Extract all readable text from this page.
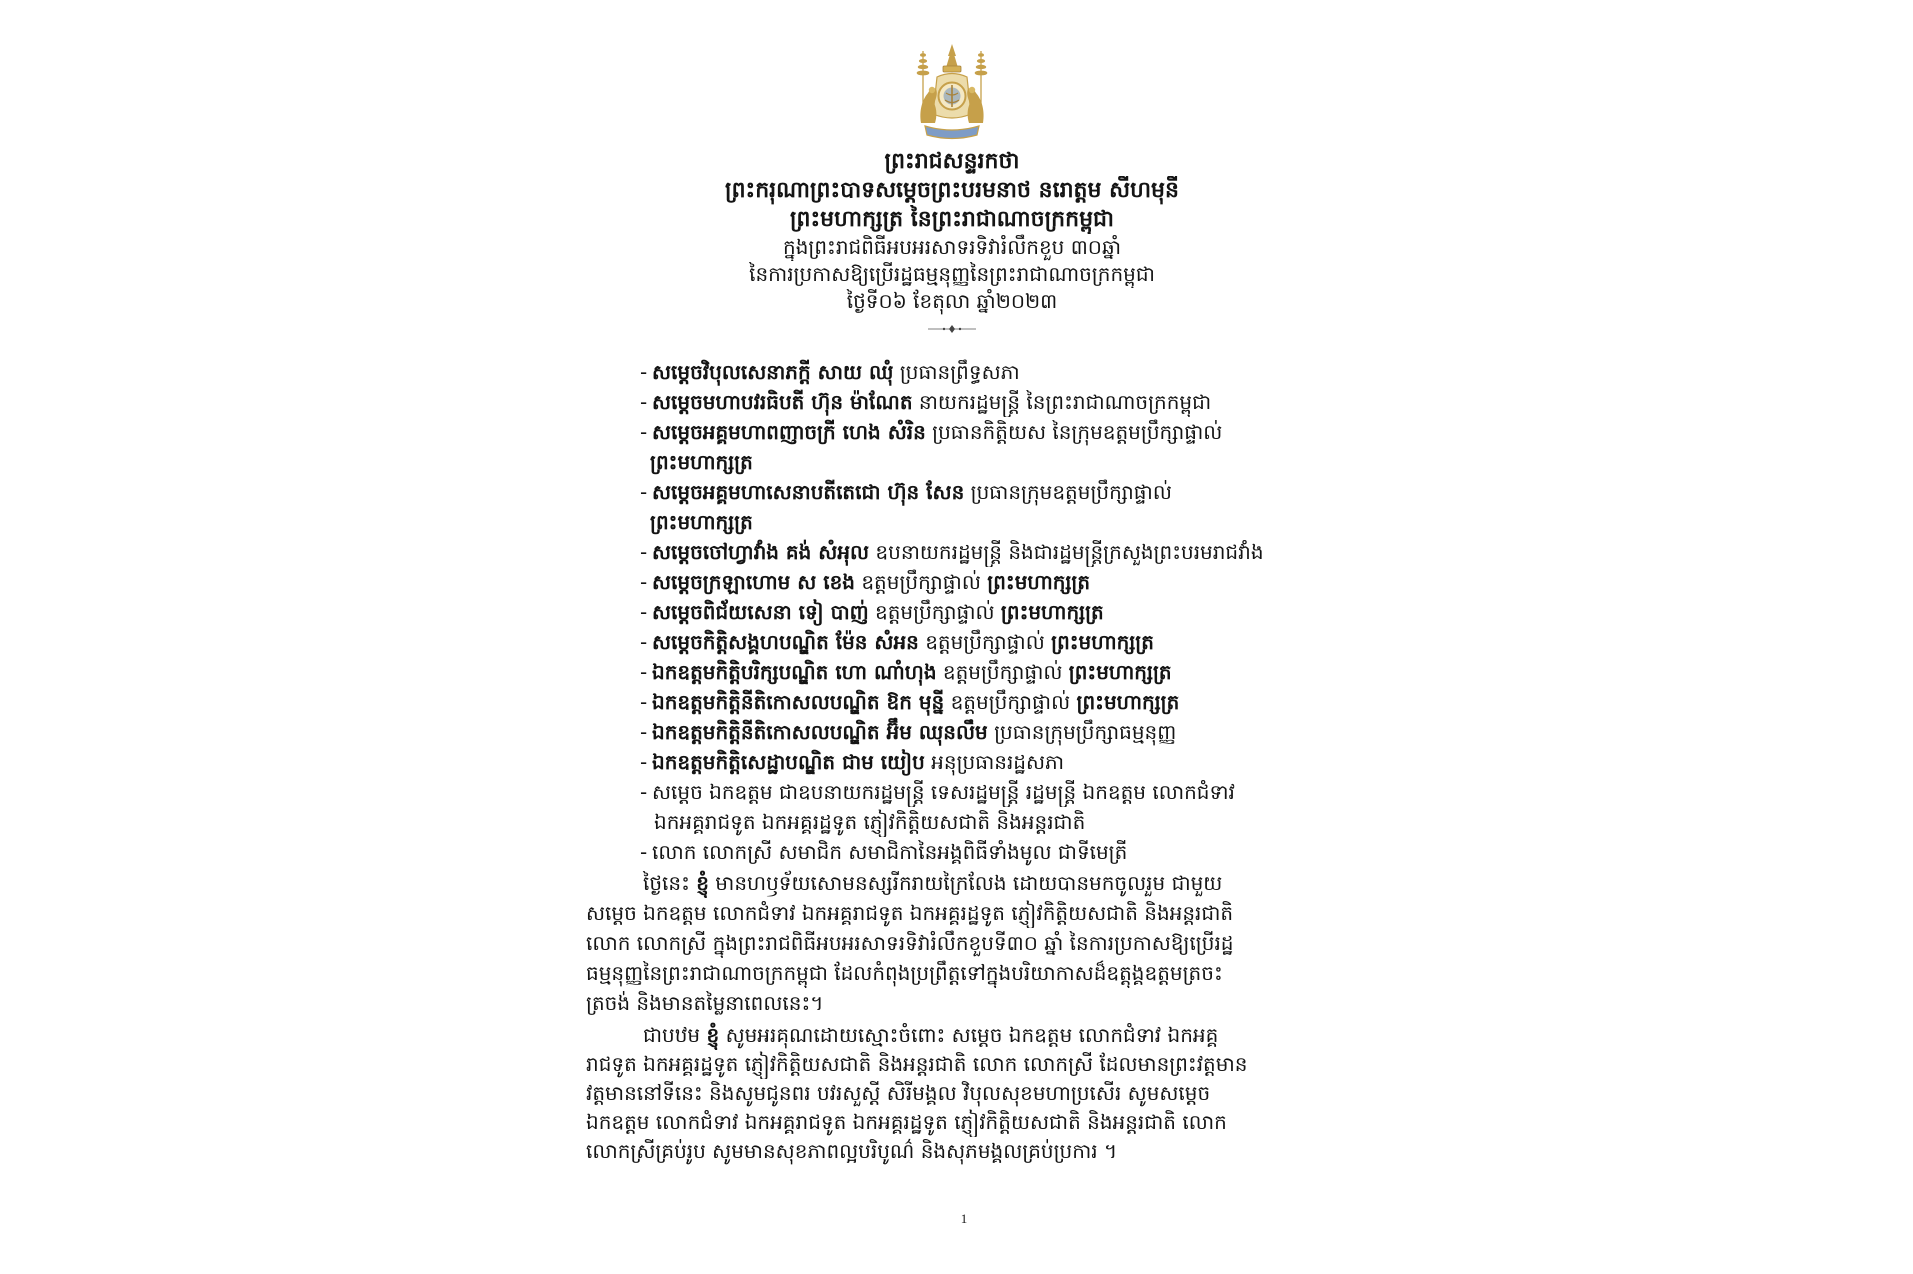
ព្រះរាជសន្ទរកថា
ព្រះករុណាព្រះបាទសម្តេចព្រះបរមនាថ នរោត្តម សីហមុនី
ព្រះមហាក្សត្រ នៃព្រះរាជាណាចក្រកម្ពុជា
ក្នុងព្រះរាជពិធីអបអរសាទរទិវារំលឹកខួប ៣០ឆ្នាំ
នៃការប្រកាសឱ្យប្រើរដ្ឋធម្មនុញ្ញនៃព្រះរាជាណាចក្រកម្ពុជា
ថ្ងៃទី០៦ ខែតុលា ឆ្នាំ២០២៣
- សម្តេចវិបុលសេនាភក្ដី សាយ ឈុំ ប្រធានព្រឹទ្ធសភា
- សម្តេចមហាបវរធិបតី ហ៊ុន ម៉ាណែត នាយករដ្ឋមន្ត្រី នៃព្រះរាជាណាចក្រកម្ពុជា
- សម្តេចអគ្គមហាពញាចក្រី ហេង សំរិន ប្រធានកិត្តិយស នៃក្រុមឧត្តមប្រឹក្សាផ្ទាល់
ព្រះមហាក្សត្រ
- សម្តេចអគ្គមហាសេនាបតីតេជោ ហ៊ុន សែន ប្រធានក្រុមឧត្តមប្រឹក្សាផ្ទាល់
ព្រះមហាក្សត្រ
- សម្តេចចៅហ្វាវាំង គង់ សំអុល ឧបនាយករដ្ឋមន្ត្រី និងជារដ្ឋមន្ត្រីក្រសួងព្រះបរមរាជវាំង
- សម្តេចក្រឡាហោម ស ខេង ឧត្តមប្រឹក្សាផ្ទាល់ ព្រះមហាក្សត្រ
- សម្តេចពិជ័យសេនា ទៀ បាញ់ ឧត្តមប្រឹក្សាផ្ទាល់ ព្រះមហាក្សត្រ
- សម្តេចកិត្តិសង្គហបណ្ឌិត ម៉ែន សំអន ឧត្តមប្រឹក្សាផ្ទាល់ ព្រះមហាក្សត្រ
- ឯកឧត្តមកិត្តិបរិក្សបណ្ឌិត ហោ ណាំហុង ឧត្តមប្រឹក្សាផ្ទាល់ ព្រះមហាក្សត្រ
- ឯកឧត្តមកិត្តិនីតិកោសលបណ្ឌិត ឱក មុន្នី ឧត្តមប្រឹក្សាផ្ទាល់ ព្រះមហាក្សត្រ
- ឯកឧត្តមកិត្តិនីតិកោសលបណ្ឌិត អ៊ឹម ឈុនលឹម ប្រធានក្រុមប្រឹក្សាធម្មនុញ្ញ
- ឯកឧត្តមកិត្តិសេដ្ឋាបណ្ឌិត ជាម យៀប អនុប្រធានរដ្ឋសភា
- សម្តេច ឯកឧត្តម ជាឧបនាយករដ្ឋមន្ត្រី ទេសរដ្ឋមន្ត្រី រដ្ឋមន្ត្រី ឯកឧត្តម លោកជំទាវ
ឯកអគ្គរាជទូត ឯកអគ្គរដ្ឋទូត ភ្ញៀវកិត្តិយសជាតិ និងអន្តរជាតិ
- លោក លោកស្រី សមាជិក សមាជិកានៃអង្គពិធីទាំងមូល ជាទីមេត្រី
ថ្ងៃនេះ ខ្ញុំ មានហឫទ័យសោមនស្សរីករាយក្រៃលែង ដោយបានមកចូលរួម ជាមួយ
សម្តេច ឯកឧត្តម លោកជំទាវ ឯកអគ្គរាជទូត ឯកអគ្គរដ្ឋទូត ភ្ញៀវកិត្តិយសជាតិ និងអន្តរជាតិ
លោក លោកស្រី ក្នុងព្រះរាជពិធីអបអរសាទរទិវារំលឹកខួបទី៣០ ឆ្នាំ នៃការប្រកាសឱ្យប្រើរដ្ឋ
ធម្មនុញ្ញនៃព្រះរាជាណាចក្រកម្ពុជា ដែលកំពុងប្រព្រឹត្តទៅក្នុងបរិយាកាសដ៏ឧត្តុង្គឧត្តមត្រចះ
ត្រចង់ និងមានតម្លៃនាពេលនេះ។
ជាបឋម ខ្ញុំ សូមអរគុណដោយស្មោះចំពោះ សម្តេច ឯកឧត្តម លោកជំទាវ ឯកអគ្គ
រាជទូត ឯកអគ្គរដ្ឋទូត ភ្ញៀវកិត្តិយសជាតិ និងអន្តរជាតិ លោក លោកស្រី ដែលមានព្រះវត្តមាន
វត្តមាននៅទីនេះ និងសូមជូនពរ បវរសួស្តី សិរីមង្គល វិបុលសុខមហាប្រសើរ សូមសម្តេច
ឯកឧត្តម លោកជំទាវ ឯកអគ្គរាជទូត ឯកអគ្គរដ្ឋទូត ភ្ញៀវកិត្តិយសជាតិ និងអន្តរជាតិ លោក
លោកស្រីគ្រប់រូប សូមមានសុខភាពល្អបរិបូណ៌ និងសុភមង្គលគ្រប់ប្រការ ។
1
